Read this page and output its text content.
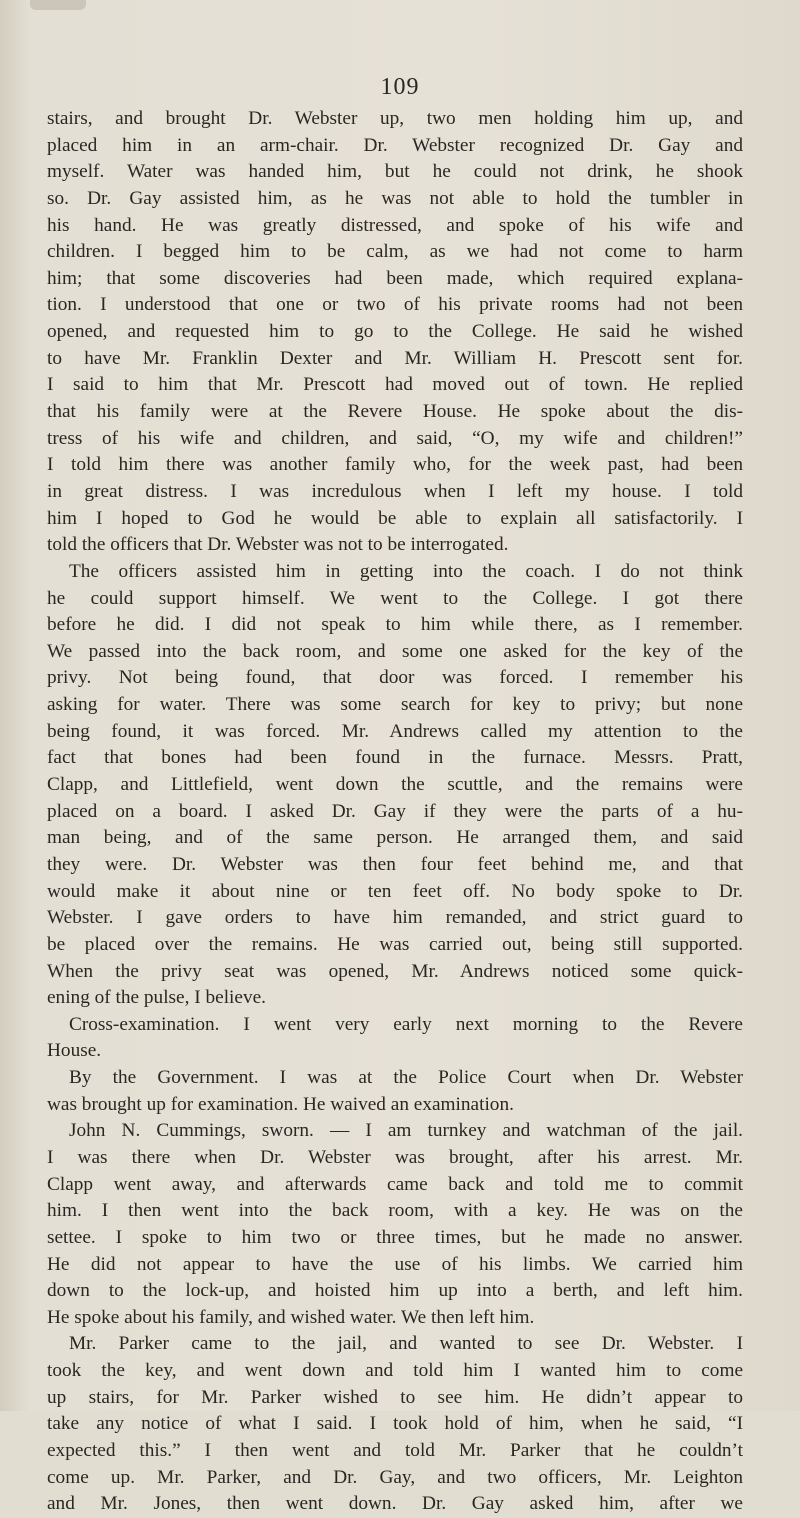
109
stairs, and brought Dr. Webster up, two men holding him up, and
placed him in an arm-chair. Dr. Webster recognized Dr. Gay and
myself. Water was handed him, but he could not drink, he shook
so. Dr. Gay assisted him, as he was not able to hold the tumbler in
his hand. He was greatly distressed, and spoke of his wife and
children. I begged him to be calm, as we had not come to harm
him; that some discoveries had been made, which required explana-
tion. I understood that one or two of his private rooms had not been
opened, and requested him to go to the College. He said he wished
to have Mr. Franklin Dexter and Mr. William H. Prescott sent for.
I said to him that Mr. Prescott had moved out of town. He replied
that his family were at the Revere House. He spoke about the dis-
tress of his wife and children, and said, “O, my wife and children!”
I told him there was another family who, for the week past, had been
in great distress. I was incredulous when I left my house. I told
him I hoped to God he would be able to explain all satisfactorily. I
told the officers that Dr. Webster was not to be interrogated.
The officers assisted him in getting into the coach. I do not think
he could support himself. We went to the College. I got there
before he did. I did not speak to him while there, as I remember.
We passed into the back room, and some one asked for the key of the
privy. Not being found, that door was forced. I remember his
asking for water. There was some search for key to privy; but none
being found, it was forced. Mr. Andrews called my attention to the
fact that bones had been found in the furnace. Messrs. Pratt,
Clapp, and Littlefield, went down the scuttle, and the remains were
placed on a board. I asked Dr. Gay if they were the parts of a hu-
man being, and of the same person. He arranged them, and said
they were. Dr. Webster was then four feet behind me, and that
would make it about nine or ten feet off. No body spoke to Dr.
Webster. I gave orders to have him remanded, and strict guard to
be placed over the remains. He was carried out, being still supported.
When the privy seat was opened, Mr. Andrews noticed some quick-
ening of the pulse, I believe.
Cross-examination. I went very early next morning to the Revere
House.
By the Government. I was at the Police Court when Dr. Webster
was brought up for examination. He waived an examination.
John N. Cummings, sworn. — I am turnkey and watchman of the jail.
I was there when Dr. Webster was brought, after his arrest. Mr.
Clapp went away, and afterwards came back and told me to commit
him. I then went into the back room, with a key. He was on the
settee. I spoke to him two or three times, but he made no answer.
He did not appear to have the use of his limbs. We carried him
down to the lock-up, and hoisted him up into a berth, and left him.
He spoke about his family, and wished water. We then left him.
Mr. Parker came to the jail, and wanted to see Dr. Webster. I
took the key, and went down and told him I wanted him to come
up stairs, for Mr. Parker wished to see him. He didn’t appear to
take any notice of what I said. I took hold of him, when he said, “I
expected this.” I then went and told Mr. Parker that he couldn’t
come up. Mr. Parker, and Dr. Gay, and two officers, Mr. Leighton
and Mr. Jones, then went down. Dr. Gay asked him, after we
